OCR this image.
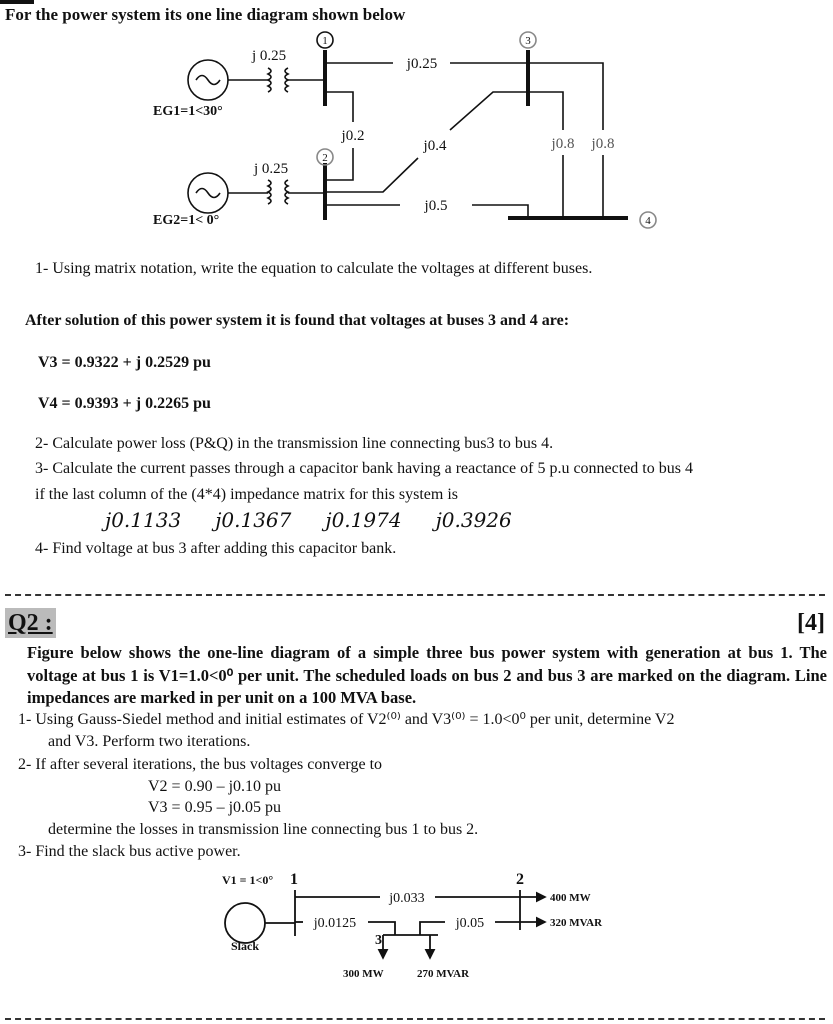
For the power system its one line diagram shown below
1
2
3
4
j 0.25
j 0.25
EG1=1<30°
EG2=1< 0°
j0.25
j0.2
j0.4
j0.5
j0.8 j0.8
1- Using matrix notation, write the equation to calculate the voltages at different buses.
After solution of this power system it is found that voltages at buses 3 and 4 are:
V3 = 0.9322 + j 0.2529 pu
V4 = 0.9393 + j 0.2265 pu
2- Calculate power loss (P&Q) in the transmission line connecting bus3 to bus 4.
3- Calculate the current passes through a capacitor bank having a reactance of 5 p.u connected to bus 4
if the last column of the (4*4) impedance matrix for this system is
j0.1133 j0.1367 j0.1974 j0.3926
4- Find voltage at bus 3 after adding this capacitor bank.
Q2 :	[4]
Figure below shows the one-line diagram of a simple three bus power system with generation at bus 1. The voltage at bus 1 is V1=1.0<0⁰ per unit. The scheduled loads on bus 2 and bus 3 are marked on the diagram. Line impedances are marked in per unit on a 100 MVA base.
1- Using Gauss-Siedel method and initial estimates of V2⁽⁰⁾ and V3⁽⁰⁾ = 1.0<0⁰ per unit, determine V2
and V3. Perform two iterations.
2- If after several iterations, the bus voltages converge to
V2 = 0.90 – j0.10 pu
V3 = 0.95 – j0.05 pu
determine the losses in transmission line connecting bus 1 to bus 2.
3- Find the slack bus active power.
V1 = 1<0° 1	2
3
Slack
j0.033
j0.0125	j0.05
400 MW
320 MVAR
300 MW	270 MVAR
